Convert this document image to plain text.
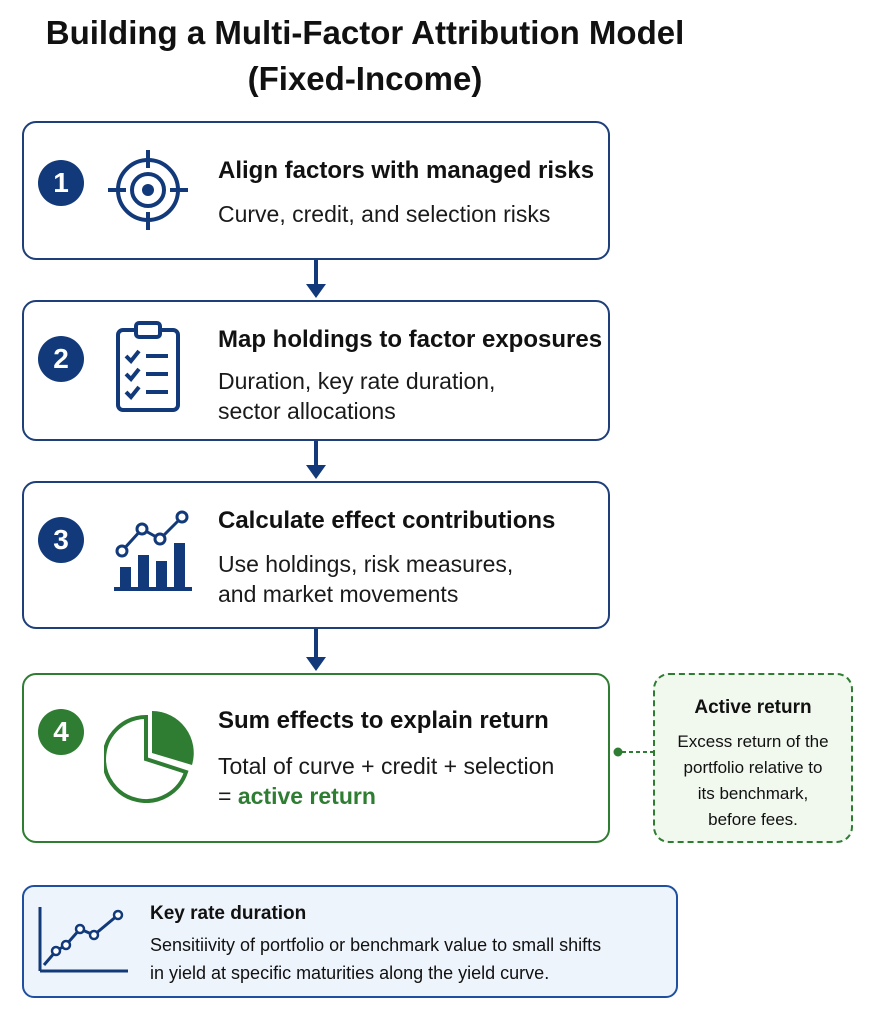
Building a Multi-Factor Attribution Model
(Fixed-Income)
1	Align factors with managed risks
Curve, credit, and selection risks
2
Map holdings to factor exposures
Duration, key rate duration,
sector allocations
3
Calculate effect contributions
Use holdings, risk measures,
and market movements
4	Sum effects to explain return
Total of curve + credit + selection
= active return
Active return
Excess return of the
portfolio relative to
its benchmark,
before fees.
Key rate duration
Sensitiivity of portfolio or benchmark value to small shifts
in yield at specific maturities along the yield curve.
